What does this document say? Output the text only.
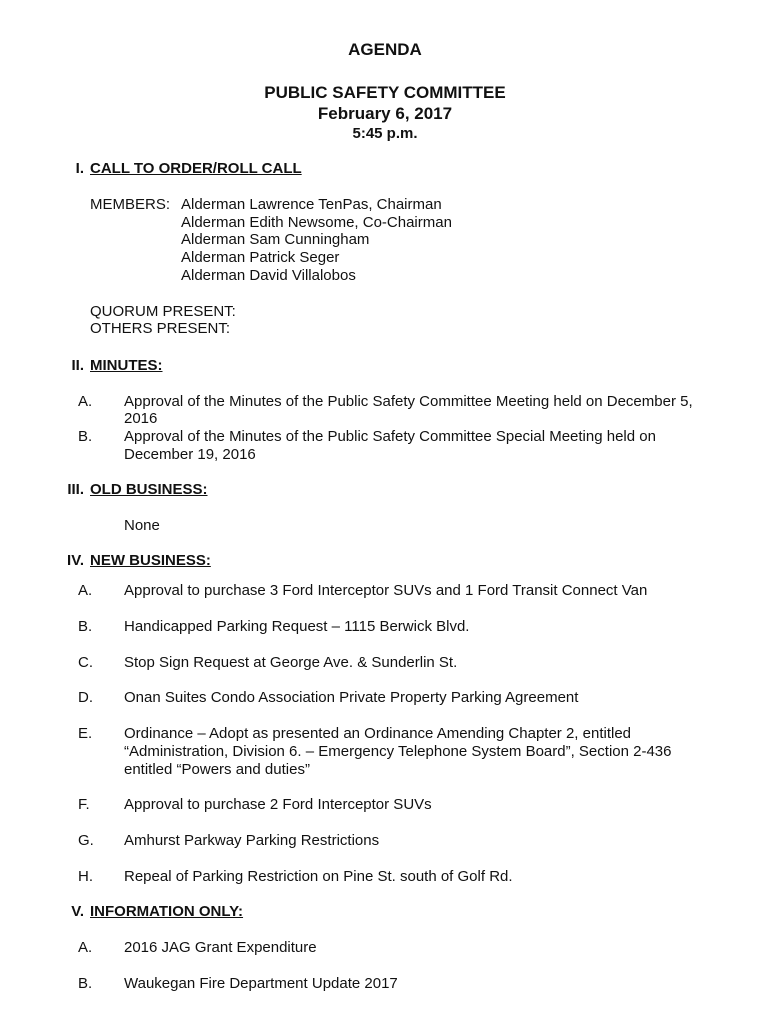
AGENDA
PUBLIC SAFETY COMMITTEE
February 6, 2017
5:45 p.m.
I. CALL TO ORDER/ROLL CALL
MEMBERS: Alderman Lawrence TenPas, Chairman
Alderman Edith Newsome, Co-Chairman
Alderman Sam Cunningham
Alderman Patrick Seger
Alderman David Villalobos
QUORUM PRESENT:
OTHERS PRESENT:
II. MINUTES:
A. Approval of the Minutes of the Public Safety Committee Meeting held on December 5,
2016
B. Approval of the Minutes of the Public Safety Committee Special Meeting held on
December 19, 2016
III. OLD BUSINESS:
None
IV. NEW BUSINESS:
A. Approval to purchase 3 Ford Interceptor SUVs and 1 Ford Transit Connect Van
B. Handicapped Parking Request – 1115 Berwick Blvd.
C. Stop Sign Request at George Ave. & Sunderlin St.
D. Onan Suites Condo Association Private Property Parking Agreement
E. Ordinance – Adopt as presented an Ordinance Amending Chapter 2, entitled
“Administration, Division 6. – Emergency Telephone System Board”, Section 2-436
entitled “Powers and duties”
F. Approval to purchase 2 Ford Interceptor SUVs
G. Amhurst Parkway Parking Restrictions
H. Repeal of Parking Restriction on Pine St. south of Golf Rd.
V. INFORMATION ONLY:
A. 2016 JAG Grant Expenditure
B. Waukegan Fire Department Update 2017
